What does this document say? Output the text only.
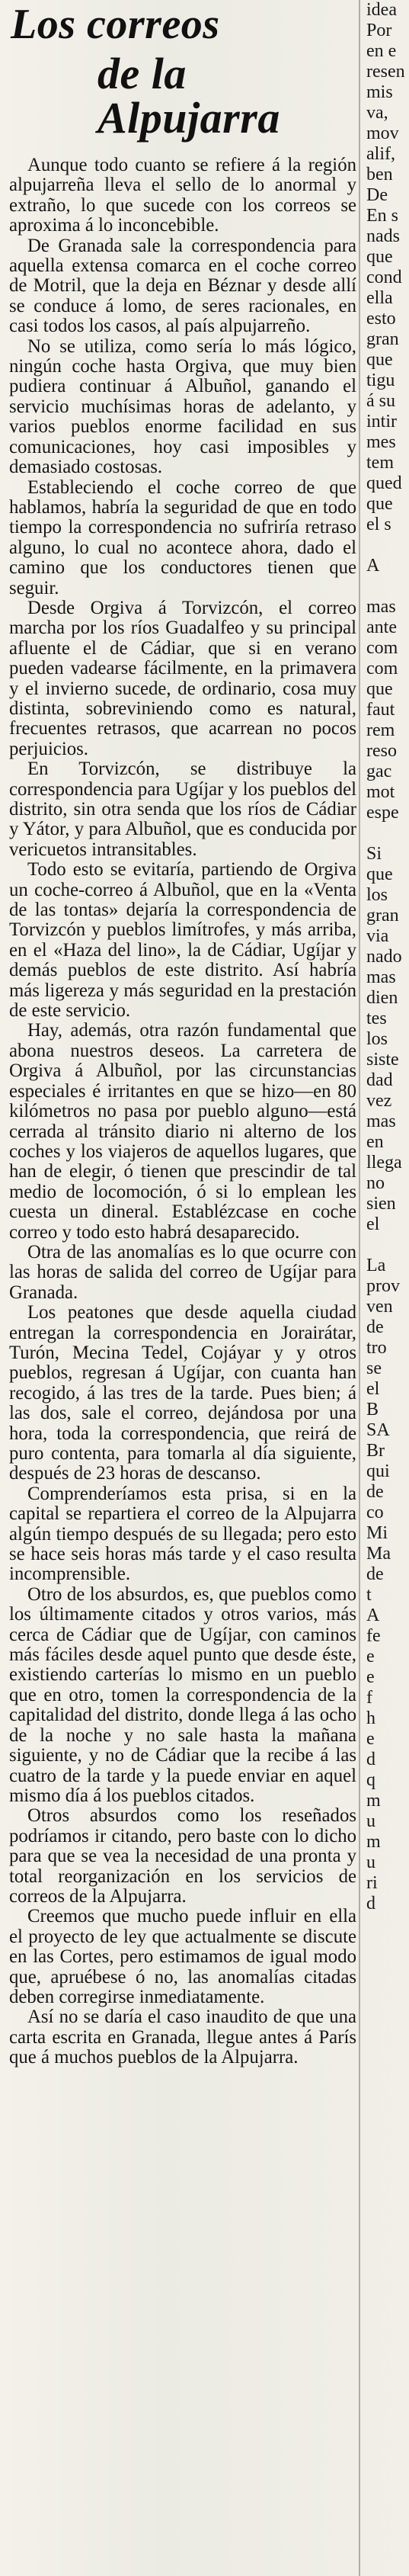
Los correos
de la Alpujarra

Aunque todo cuanto se refiere á la región alpujarreña lleva el sello de lo anormal y extraño, lo que sucede con los correos se aproxima á lo inconcebible.

De Granada sale la correspondencia para aquella extensa comarca en el coche correo de Motril, que la deja en Béznar y desde allí se conduce á lomo, de seres racionales, en casi todos los casos, al país alpujarreño.

No se utiliza, como sería lo más lógico, ningún coche hasta Orgiva, que muy bien pudiera continuar á Albuñol, ganando el servicio muchísimas horas de adelanto, y varios pueblos enorme facilidad en sus comunicaciones, hoy casi imposibles y demasiado costosas.

Estableciendo el coche correo de que hablamos, habría la seguridad de que en todo tiempo la correspondencia no sufriría retraso alguno, lo cual no acontece ahora, dado el camino que los conductores tienen que seguir.

Desde Orgiva á Torvizcón, el correo marcha por los ríos Guadalfeo y su principal afluente el de Cádiar, que si en verano pueden vadearse fácilmente, en la primavera y el invierno sucede, de ordinario, cosa muy distinta, sobreviniendo como es natural, frecuentes retrasos, que acarrean no pocos perjuicios.

En Torvizcón, se distribuye la correspondencia para Ugíjar y los pueblos del distrito, sin otra senda que los ríos de Cádiar y Yátor, y para Albuñol, que es conducida por vericuetos intransitables.

Todo esto se evitaría, partiendo de Orgiva un coche-correo á Albuñol, que en la «Venta de las tontas» dejaría la correspondencia de Torvizcón y pueblos limítrofes, y más arriba, en el «Haza del lino», la de Cádiar, Ugíjar y demás pueblos de este distrito. Así habría más ligereza y más seguridad en la prestación de este servicio.

Hay, además, otra razón fundamental que abona nuestros deseos. La carretera de Orgiva á Albuñol, por las circunstancias especiales é irritantes en que se hizo—en 80 kilómetros no pasa por pueblo alguno—está cerrada al tránsito diario ni alterno de los coches y los viajeros de aquellos lugares, que han de elegir, ó tienen que prescindir de tal medio de locomoción, ó si lo emplean les cuesta un dineral. Establézcase en coche correo y todo esto habrá desaparecido.

Otra de las anomalías es lo que ocurre con las horas de salida del correo de Ugíjar para Granada.

Los peatones que desde aquella ciudad entregan la correspondencia en Jorairátar, Turón, Mecina Tedel, Cojáyar y y otros pueblos, regresan á Ugíjar, con cuanta han recogido, á las tres de la tarde. Pues bien; á las dos, sale el correo, dejándosa por una hora, toda la correspondencia, que reirá de puro contenta, para tomarla al día siguiente, después de 23 horas de descanso.

Comprenderíamos esta prisa, si en la capital se repartiera el correo de la Alpujarra algún tiempo después de su llegada; pero esto se hace seis horas más tarde y el caso resulta incomprensible.

Otro de los absurdos, es, que pueblos como los últimamente citados y otros varios, más cerca de Cádiar que de Ugíjar, con caminos más fáciles desde aquel punto que desde éste, existiendo carterías lo mismo en un pueblo que en otro, tomen la correspondencia de la capitalidad del distrito, donde llega á las ocho de la noche y no sale hasta la mañana siguiente, y no de Cádiar que la recibe á las cuatro de la tarde y la puede enviar en aquel mismo día á los pueblos citados.

Otros absurdos como los reseñados podríamos ir citando, pero baste con lo dicho para que se vea la necesidad de una pronta y total reorganización en los servicios de correos de la Alpujarra.

Creemos que mucho puede influir en ella el proyecto de ley que actualmente se discute en las Cortes, pero estimamos de igual modo que, apruébese ó no, las anomalías citadas deben corregirse inmediatamente.

Así no se daría el caso inaudito de que una carta escrita en Granada, llegue antes á París que á muchos pueblos de la Alpujarra.

idea
Por
en e
resen
mis
va,
mov
alif,
ben
De
En s
nads
que
cond
ella
esto
gran
que
tigu
á su
intir
mes
tem
qued
que
el s

A

mas
ante
com
com
que
faut
rem
reso
gac
mot
espe

Si
que
los
gran
via
nado
mas
dien
tes
los
siste
dad
vez
mas
en
llega
no
sien
el

La
prov
ven
de
tro
se
el
B
SA
Br
qui
de
co
Mi
Ma
de
t
A
fe
e
e
f
h
e
d
q
m
u
m
u
ri
d
